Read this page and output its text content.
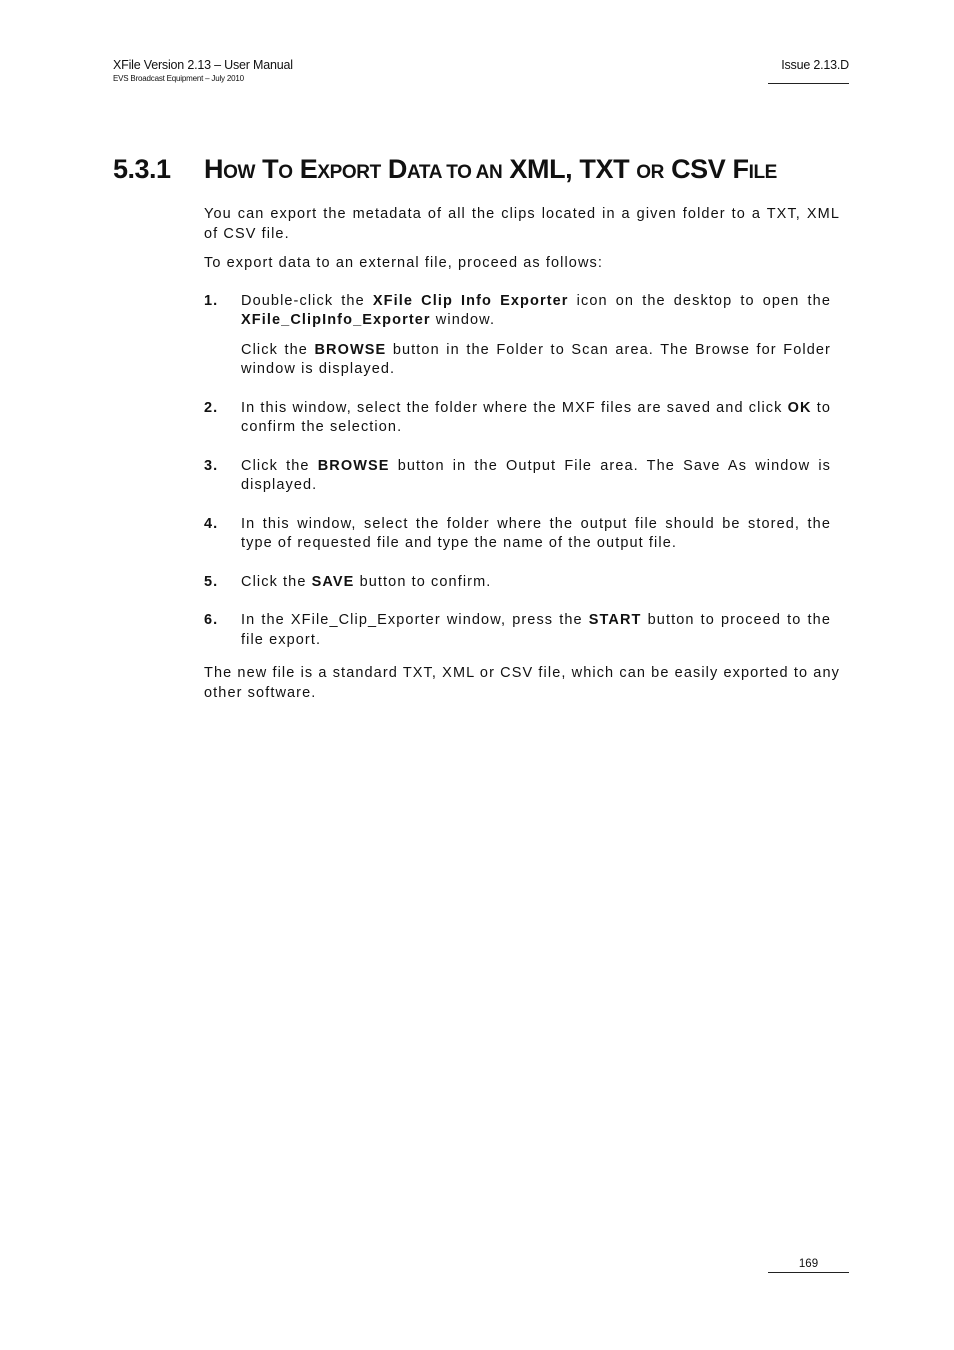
XFile Version 2.13 – User Manual
EVS Broadcast Equipment – July 2010
Issue 2.13.D
5.3.1 HOW TO EXPORT DATA TO AN XML, TXT OR CSV FILE

You can export the metadata of all the clips located in a given folder to a TXT, XML of CSV file.

To export data to an external file, proceed as follows:

1. Double-click the XFile Clip Info Exporter icon on the desktop to open the XFile_ClipInfo_Exporter window.
Click the BROWSE button in the Folder to Scan area. The Browse for Folder window is displayed.
2. In this window, select the folder where the MXF files are saved and click OK to confirm the selection.
3. Click the BROWSE button in the Output File area. The Save As window is displayed.
4. In this window, select the folder where the output file should be stored, the type of requested file and type the name of the output file.
5. Click the SAVE button to confirm.
6. In the XFile_Clip_Exporter window, press the START button to proceed to the file export.

The new file is a standard TXT, XML or CSV file, which can be easily exported to any other software.

169
